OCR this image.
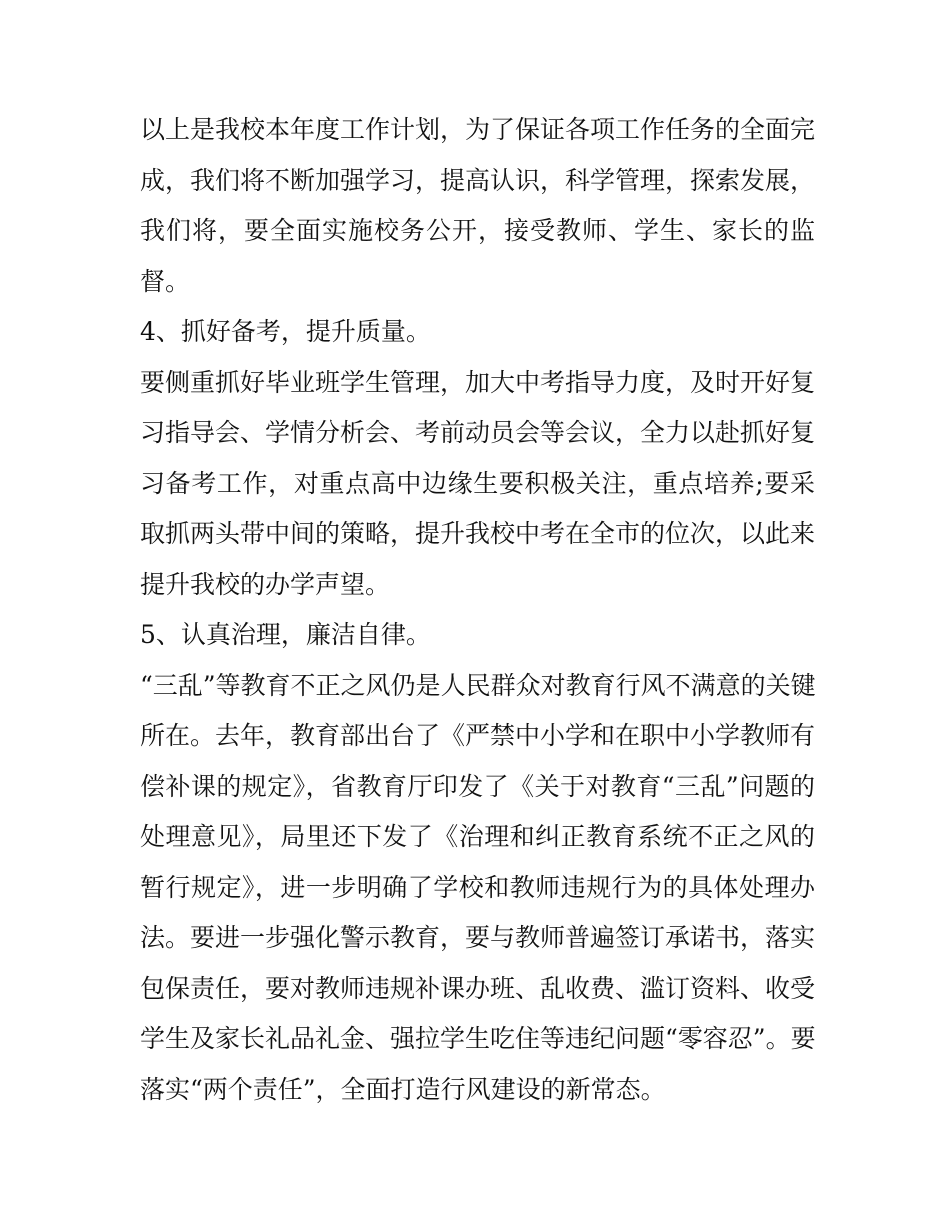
以上是我校本年度工作计划，为了保证各项工作任务的全面完
成，我们将不断加强学习，提高认识，科学管理，探索发展，
我们将，要全面实施校务公开，接受教师、学生、家长的监
督。
4、抓好备考，提升质量。
要侧重抓好毕业班学生管理，加大中考指导力度，及时开好复
习指导会、学情分析会、考前动员会等会议，全力以赴抓好复
习备考工作，对重点高中边缘生要积极关注，重点培养;要采
取抓两头带中间的策略，提升我校中考在全市的位次，以此来
提升我校的办学声望。
5、认真治理，廉洁自律。
“三乱”等教育不正之风仍是人民群众对教育行风不满意的关键
所在。去年，教育部出台了《严禁中小学和在职中小学教师有
偿补课的规定》，省教育厅印发了《关于对教育“三乱”问题的
处理意见》，局里还下发了《治理和纠正教育系统不正之风的
暂行规定》，进一步明确了学校和教师违规行为的具体处理办
法。要进一步强化警示教育，要与教师普遍签订承诺书，落实
包保责任，要对教师违规补课办班、乱收费、滥订资料、收受
学生及家长礼品礼金、强拉学生吃住等违纪问题“零容忍”。要
落实“两个责任”，全面打造行风建设的新常态。
